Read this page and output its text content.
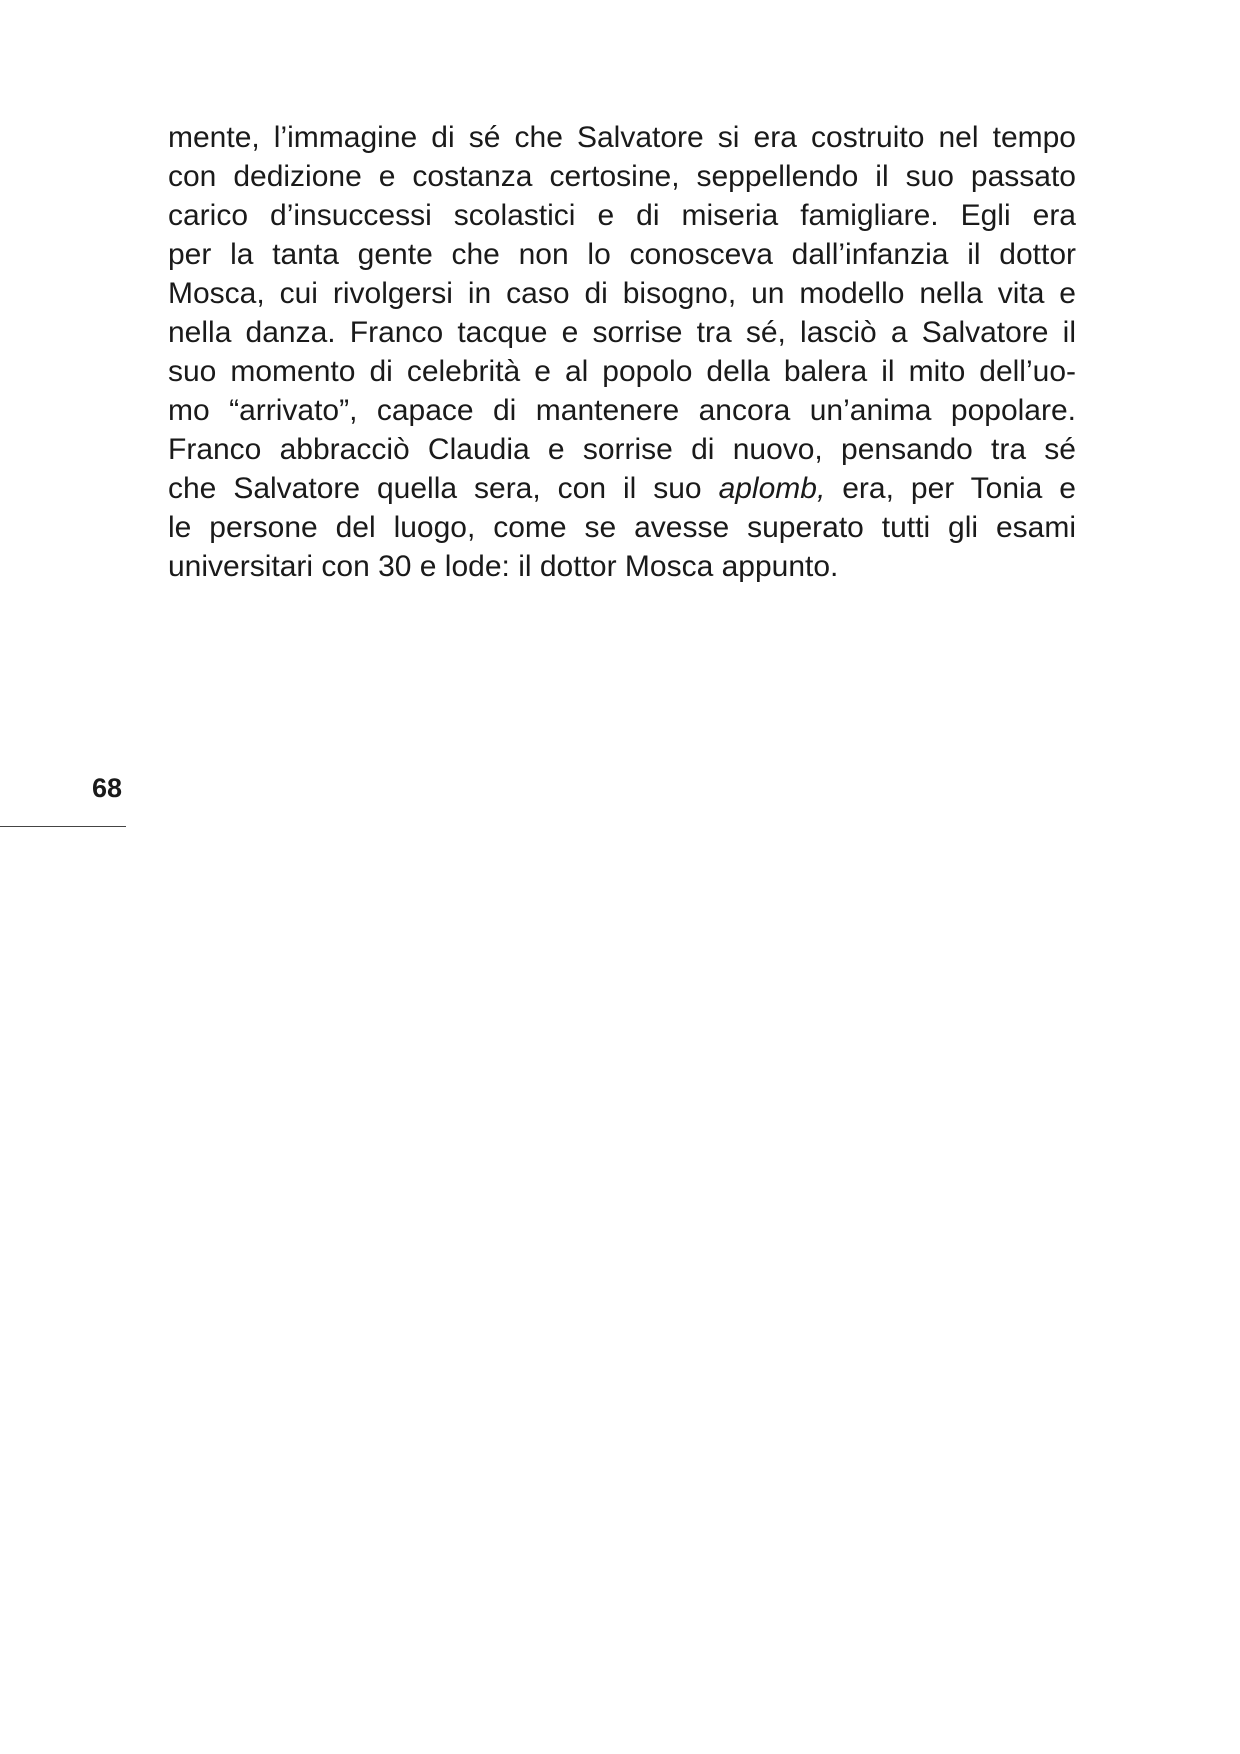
mente, l’immagine di sé che Salvatore si era costruito nel tempo
con dedizione e costanza certosine, seppellendo il suo passato
carico d’insuccessi scolastici e di miseria famigliare. Egli era
per la tanta gente che non lo conosceva dall’infanzia il dottor
Mosca, cui rivolgersi in caso di bisogno, un modello nella vita e
nella danza. Franco tacque e sorrise tra sé, lasciò a Salvatore il
suo momento di celebrità e al popolo della balera il mito dell’uo-
mo “arrivato”, capace di mantenere ancora un’anima popolare.
Franco abbracciò Claudia e sorrise di nuovo, pensando tra sé
che Salvatore quella sera, con il suo aplomb, era, per Tonia e
le persone del luogo, come se avesse superato tutti gli esami
universitari con 30 e lode: il dottor Mosca appunto.
68
